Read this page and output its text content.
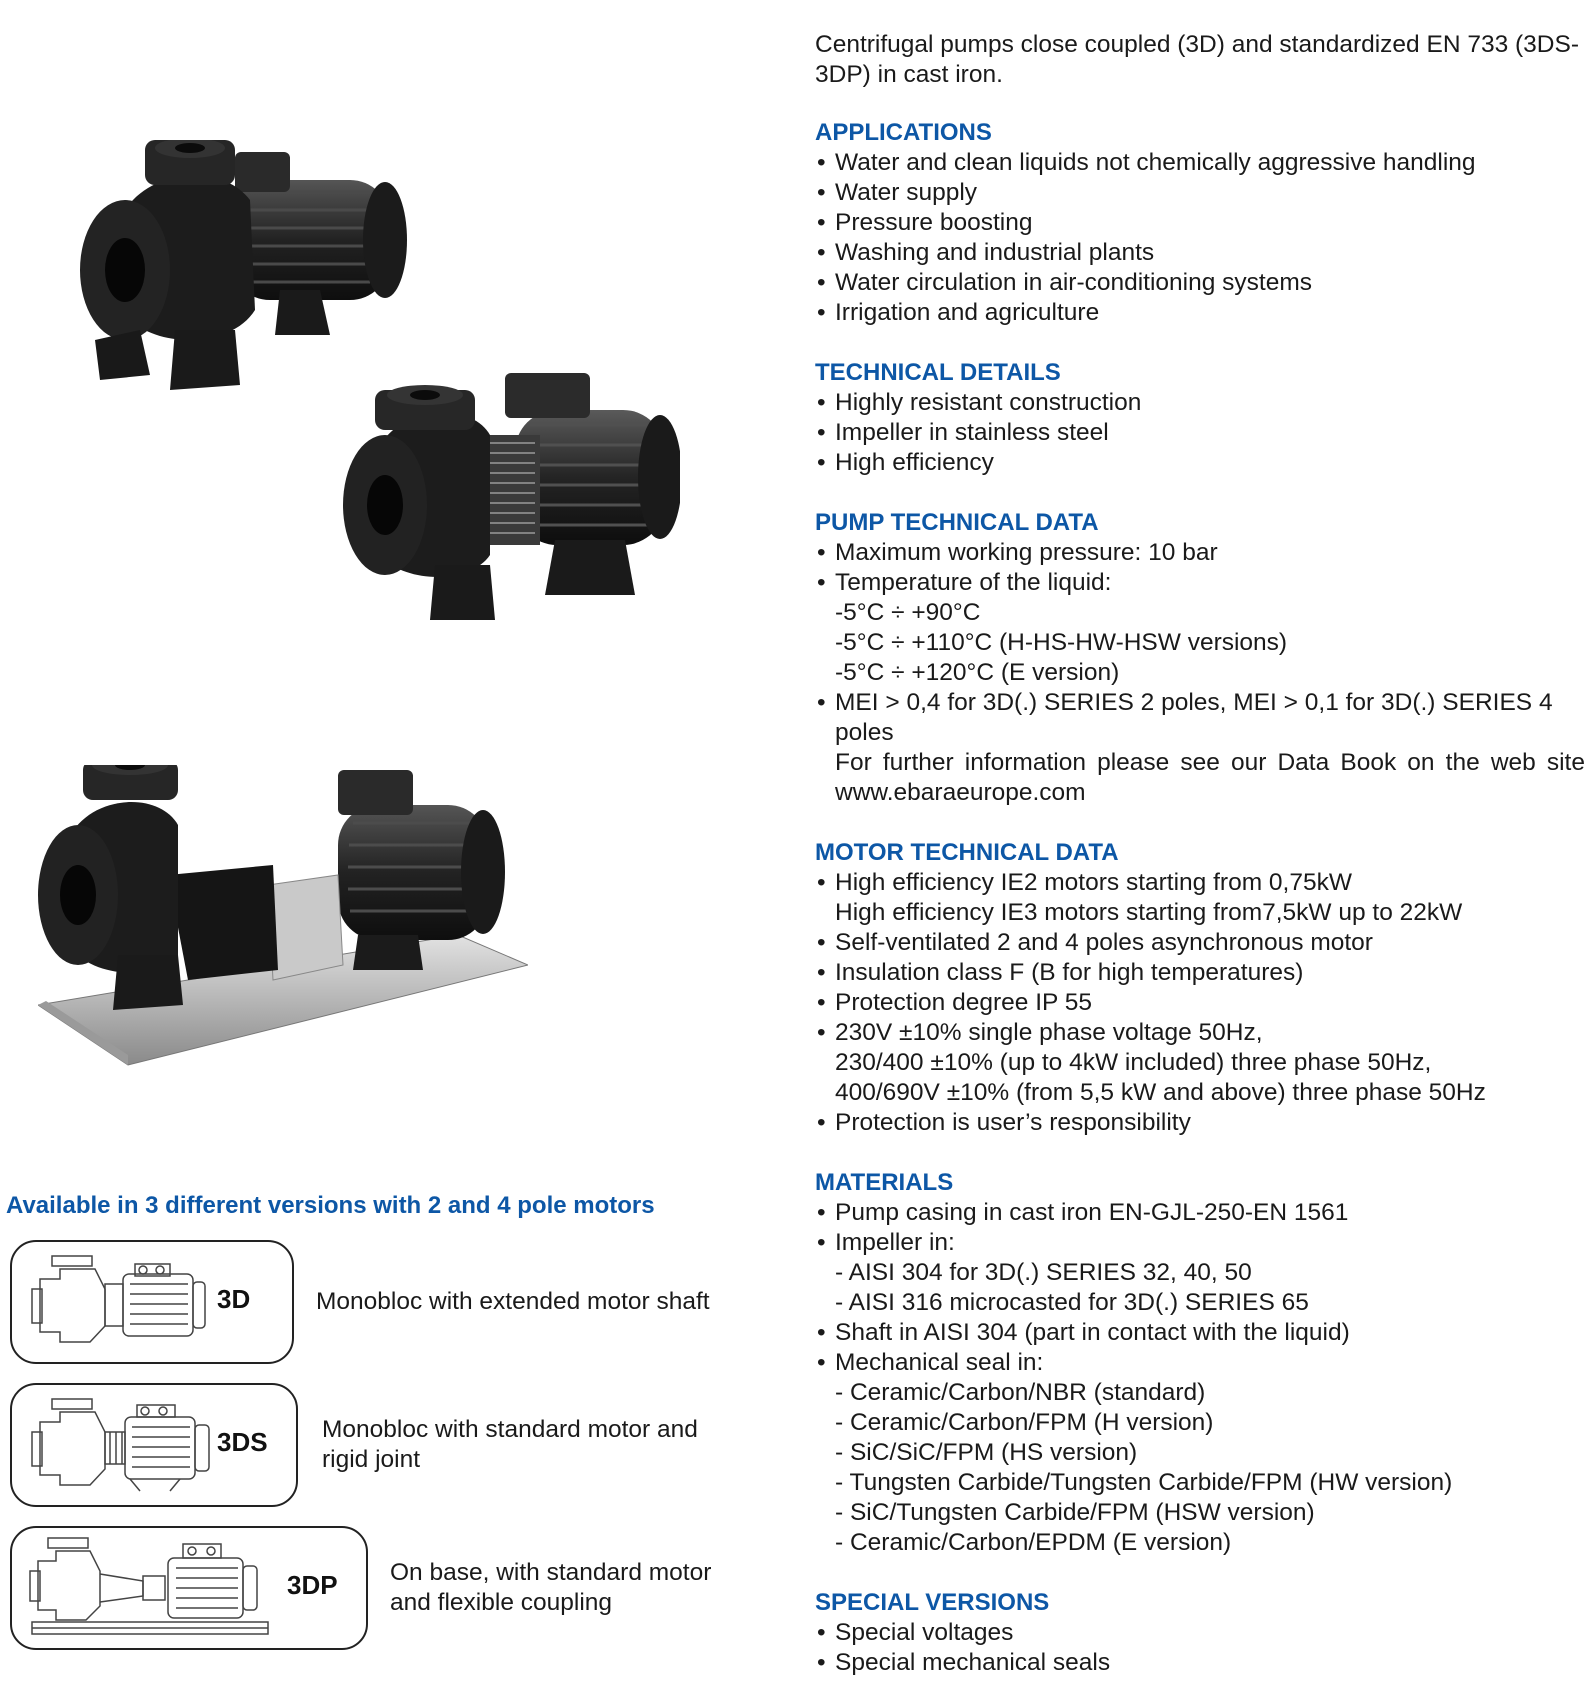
Centrifugal pumps close coupled (3D) and standardized EN 733 (3DS-3DP) in cast iron.

APPLICATIONS
• Water and clean liquids not chemically aggressive handling
• Water supply
• Pressure boosting
• Washing and industrial plants
• Water circulation in air-conditioning systems
• Irrigation and agriculture
TECHNICAL DETAILS
• Highly resistant construction
• Impeller in stainless steel
• High efficiency
PUMP TECHNICAL DATA
• Maximum working pressure: 10 bar
• Temperature of the liquid:
-5°C ÷ +90°C
-5°C ÷ +110°C (H-HS-HW-HSW versions)
-5°C ÷ +120°C (E version)
• MEI > 0,4 for 3D(.) SERIES 2 poles, MEI > 0,1 for 3D(.) SERIES 4 poles
For further information please see our Data Book on the web site
www.ebaraeurope.com
MOTOR TECHNICAL DATA
• High efficiency IE2 motors starting from 0,75kW
High efficiency IE3 motors starting from7,5kW up to 22kW
• Self-ventilated 2 and 4 poles asynchronous motor
• Insulation class F (B for high temperatures)
• Protection degree IP 55
• 230V ±10% single phase voltage 50Hz,
230/400 ±10% (up to 4kW included) three phase 50Hz,
400/690V ±10% (from 5,5 kW and above) three phase 50Hz
• Protection is user’s responsibility
MATERIALS
• Pump casing in cast iron EN-GJL-250-EN 1561
• Impeller in:
- AISI 304 for 3D(.) SERIES 32, 40, 50
- AISI 316 microcasted for 3D(.) SERIES 65
• Shaft in AISI 304 (part in contact with the liquid)
• Mechanical seal in:
- Ceramic/Carbon/NBR (standard)
- Ceramic/Carbon/FPM (H version)
- SiC/SiC/FPM (HS version)
- Tungsten Carbide/Tungsten Carbide/FPM (HW version)
- SiC/Tungsten Carbide/FPM (HSW version)
- Ceramic/Carbon/EPDM (E version)
SPECIAL VERSIONS
• Special voltages
• Special mechanical seals
Available in 3 different versions with 2 and 4 pole motors
3D	Monobloc with extended motor shaft
3DS Monobloc with standard motor and
rigid joint
3DP On base, with standard motor
and flexible coupling
